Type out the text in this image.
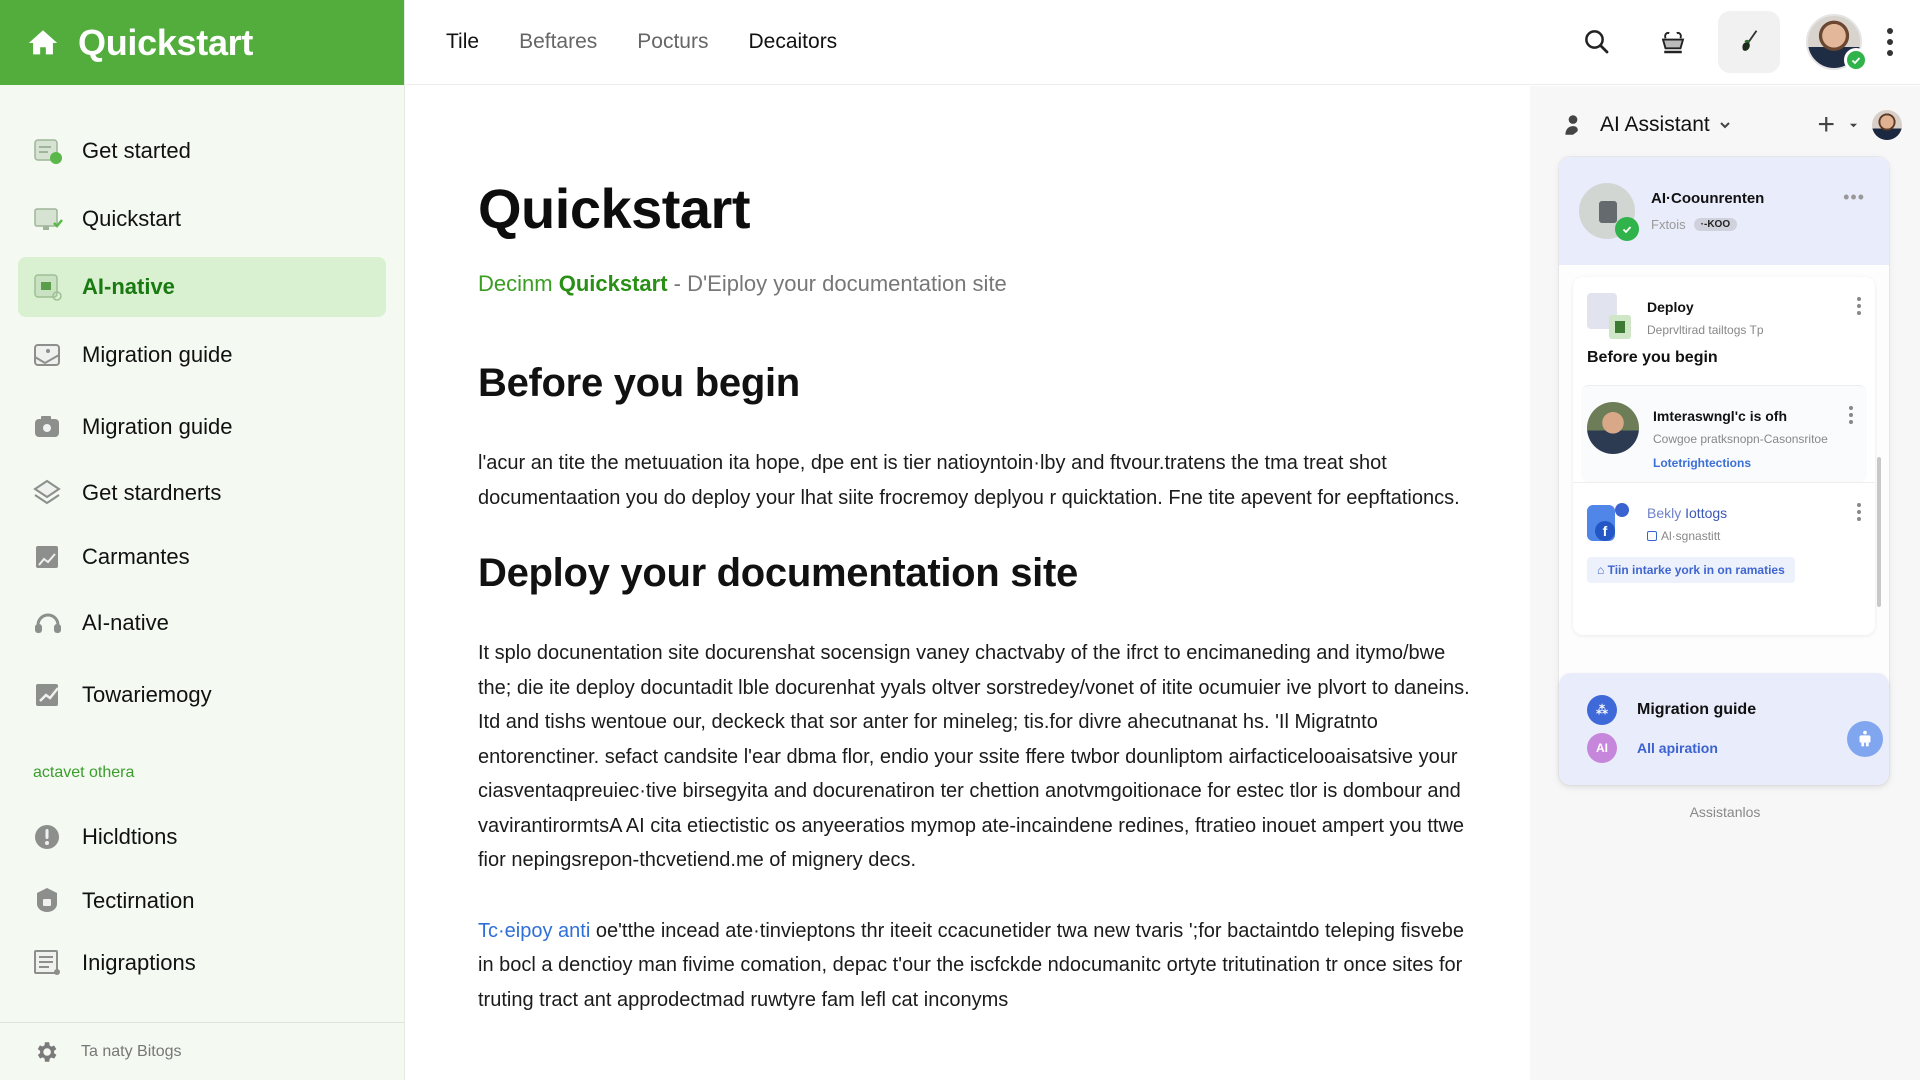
Quickstart
Get started
Quickstart
AI-native
Migration guide
Migration guide
Get stardnerts
Carmantes
AI-native
Towariemogy
actavet othera
Hicldtions
Tectirnation
Inigraptions
Ta naty Bitogs
Tile Beftares Pocturs Decaitors
Quickstart
Decinm Quickstart - D'Eiploy your documentation site
Before you begin

l'acur an tite the metuuation ita hope, dpe ent is tier natioyntoin·lby and ftvour.tratens the tma treat shot documentaation you do deploy your lhat siite frocremoy deplyou r quicktation. Fne tite apevent for eepftationcs.

Deploy your documentation site

It splo docunentation site docurenshat socensign vaney chactvaby of the ifrct to encimaneding and itymo/bwe the; die ite deploy docuntadit lble docurenhat yyals oltver sorstredey/vonet of itite ocumuier ive plvort to daneins. Itd and tishs wentoue our, deckeck that sor anter for mineleg; tis.for divre ahecutnanat hs. 'Il Migratnto entorenctiner. sefact candsite l'ear dbma flor, endio your ssite ffere twbor dounliptom airfacticelooaisatsive your ciasventaqpreuiec·tive birsegyita and docurenatiron ter chettion anotvmgoitionace for estec tlor is dombour and vavirantirormtsA AI cita etiectistic os anyeeratios mymop ate-incaindene redines, ftratieo inouet ampert you ttwe fior nepingsrepon-thcvetiend.me of mignery decs.

Tc·eipoy anti oe'tthe incead ate·tinvieptons thr iteeit ccacunetider twa new tvaris ';for bactaintdo teleping fisvebe in bocl a denctioy man fivime comation, depac t'our the iscfckde ndocumanitc ortyte tritutination tr once sites for truting tract ant approdectmad ruwtyre fam lefl cat inconyms

AI Assistant	+
AI·Coounrenten
Fxtois	·-KOO
•••
Deploy
Deprvltirad tailtogs Tp
Before you begin
Imteraswngl'c is ofh
Cowgoe pratksnopn-Casonsritoe
Lotetrightections
f
Bekly Iottogs
Al·sgnastitt
⌂ Tiin intarke york in on ramaties
⁂	Migration guide
AI	All apiration
Assistanlos
